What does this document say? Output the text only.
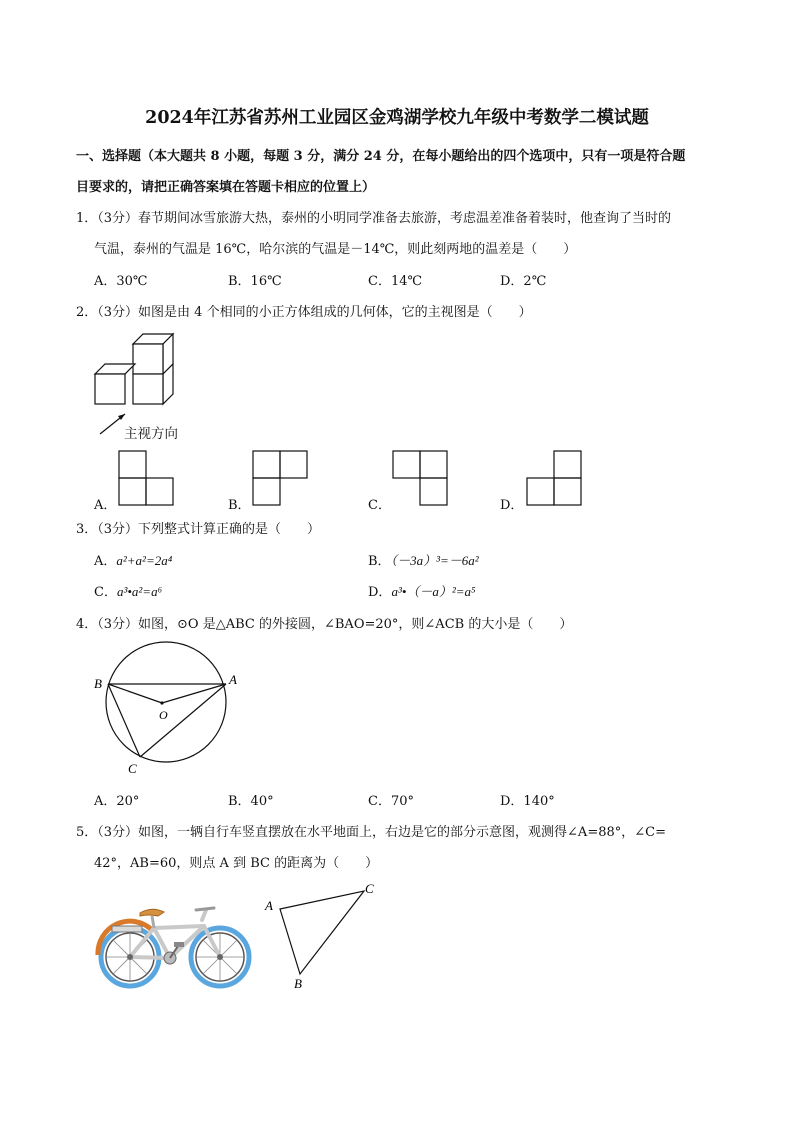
2024年江苏省苏州工业园区金鸡湖学校九年级中考数学二模试题
一、选择题（本大题共 8 小题，每题 3 分，满分 24 分，在每小题给出的四个选项中，只有一项是符合题
目要求的，请把正确答案填在答题卡相应的位置上）
1．（3分）春节期间冰雪旅游大热，泰州的小明同学准备去旅游，考虑温差准备着装时，他查询了当时的
气温，泰州的气温是 16℃，哈尔滨的气温是－14℃，则此刻两地的温差是（　　）
A．30℃	B．16℃	C．14℃	D．2℃
2．（3分）如图是由 4 个相同的小正方体组成的几何体，它的主视图是（　　）
主视方向
A．	B．	C．	D．
3．（3分）下列整式计算正确的是（　　）
A．a²+a²=2a⁴	B．（－3a）³=－6a²
C．a³•a²=a⁶	D．a³•（－a）²=a⁵
4．（3分）如图，⊙O 是△ABC 的外接圆，∠BAO=20°，则∠ACB 的大小是（　　）
B	A
O
C
A．20°	B．40°	C．70°	D．140°
5．（3分）如图，一辆自行车竖直摆放在水平地面上，右边是它的部分示意图，观测得∠A=88°，∠C=
42°，AB=60，则点 A 到 BC 的距离为（　　）
A
C
B
